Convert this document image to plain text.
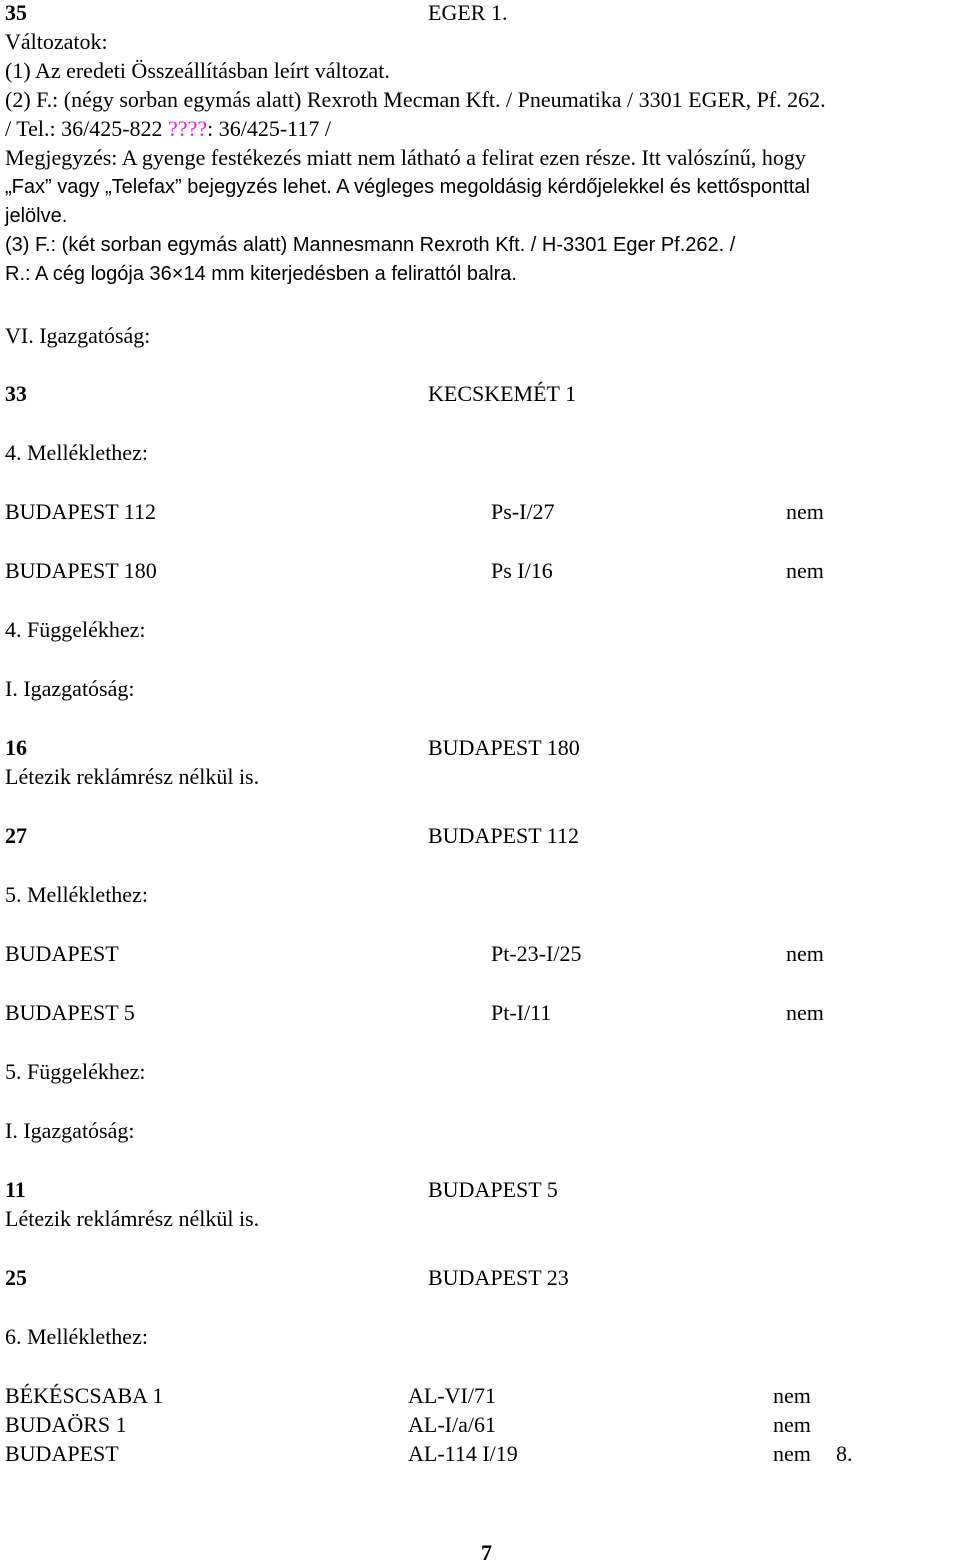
35	EGER 1.
Változatok:
(1) Az eredeti Összeállításban leírt változat.
(2) F.: (négy sorban egymás alatt) Rexroth Mecman Kft. / Pneumatika / 3301 EGER, Pf. 262.
/ Tel.: 36/425-822 ????: 36/425-117 /
Megjegyzés: A gyenge festékezés miatt nem látható a felirat ezen része. Itt valószínű, hogy
„Fax” vagy „Telefax” bejegyzés lehet. A végleges megoldásig kérdőjelekkel és kettősponttal
jelölve.
(3) F.: (két sorban egymás alatt) Mannesmann Rexroth Kft. / H-3301 Eger Pf.262. /
R.: A cég logója 36×14 mm kiterjedésben a felirattól balra.
VI. Igazgatóság:
33	KECSKEMÉT 1
4. Melléklethez:
BUDAPEST 112	Ps-I/27	nem
BUDAPEST 180	Ps I/16	nem
4. Függelékhez:
I. Igazgatóság:
16	BUDAPEST 180
Létezik reklámrész nélkül is.
27	BUDAPEST 112
5. Melléklethez:
BUDAPEST	Pt-23-I/25	nem
BUDAPEST 5	Pt-I/11	nem
5. Függelékhez:
I. Igazgatóság:
11	BUDAPEST 5
Létezik reklámrész nélkül is.
25	BUDAPEST 23
6. Melléklethez:
BÉKÉSCSABA 1	AL-VI/71	nem
BUDAÖRS 1	AL-I/a/61	nem
BUDAPEST	AL-114 I/19	nem 8.
7
